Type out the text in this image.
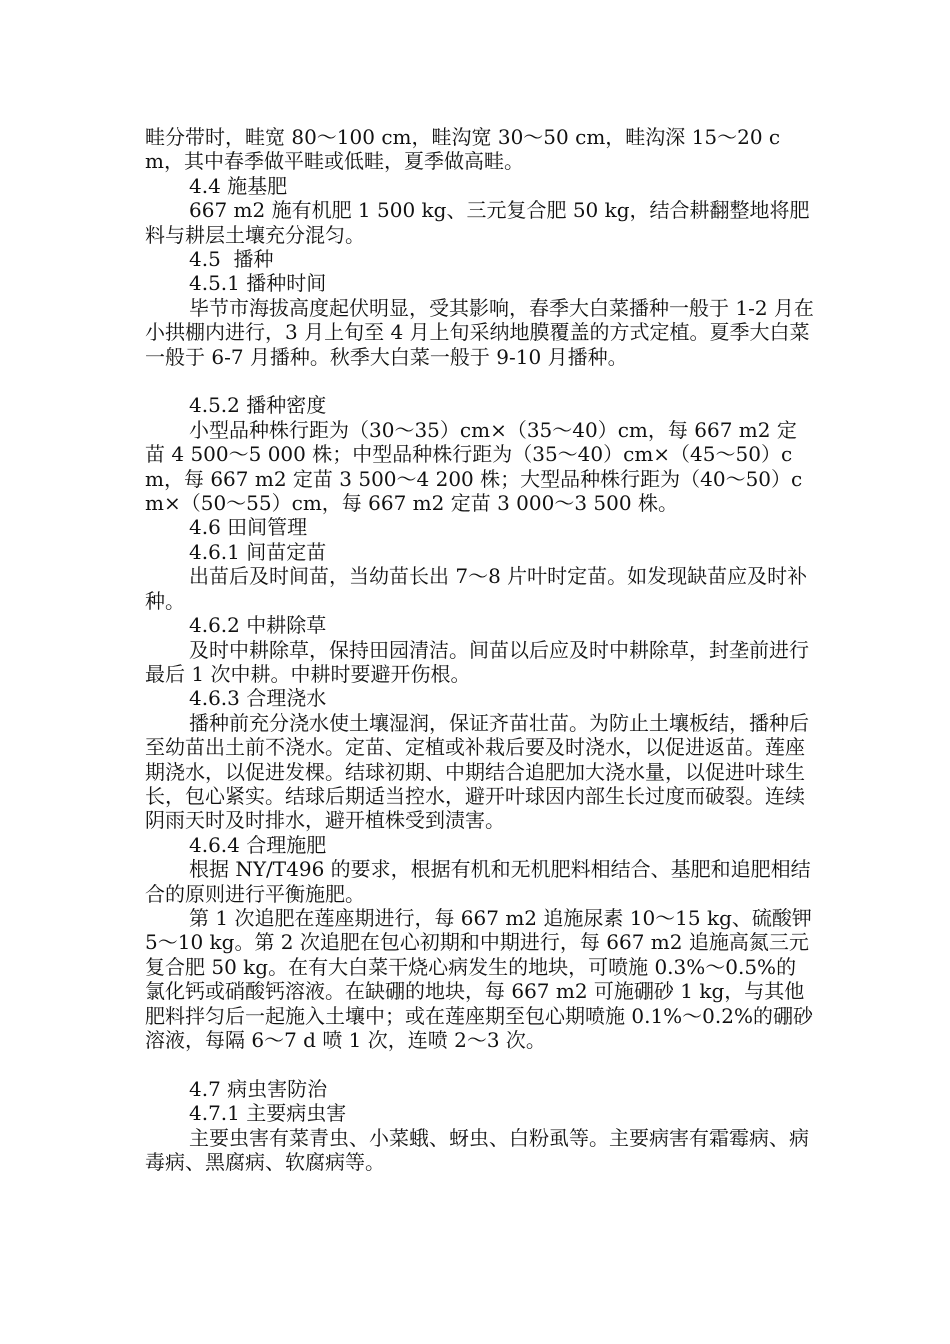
畦分带时，畦宽 80～100 cm，畦沟宽 30～50 cm，畦沟深 15～20 cm，其中春季做平畦或低畦，夏季做高畦。

4.4 施基肥

667 m2 施有机肥 1 500 kg、三元复合肥 50 kg，结合耕翻整地将肥料与耕层土壤充分混匀。

4.5  播种

4.5.1 播种时间

毕节市海拔高度起伏明显，受其影响，春季大白菜播种一般于 1-2 月在小拱棚内进行，3 月上旬至 4 月上旬采纳地膜覆盖的方式定植。夏季大白菜一般于 6-7 月播种。秋季大白菜一般于 9-10 月播种。

4.5.2 播种密度

小型品种株行距为（30～35）cm×（35～40）cm，每 667 m2 定苗 4 500～5 000 株；中型品种株行距为（35～40）cm×（45～50）cm，每 667 m2 定苗 3 500～4 200 株；大型品种株行距为（40～50）cm×（50～55）cm，每 667 m2 定苗 3 000～3 500 株。

4.6 田间管理

4.6.1 间苗定苗

出苗后及时间苗，当幼苗长出 7～8 片叶时定苗。如发现缺苗应及时补种。

4.6.2 中耕除草

及时中耕除草，保持田园清洁。间苗以后应及时中耕除草，封垄前进行最后 1 次中耕。中耕时要避开伤根。

4.6.3 合理浇水

播种前充分浇水使土壤湿润，保证齐苗壮苗。为防止土壤板结，播种后至幼苗出土前不浇水。定苗、定植或补栽后要及时浇水，以促进返苗。莲座期浇水，以促进发棵。结球初期、中期结合追肥加大浇水量，以促进叶球生长，包心紧实。结球后期适当控水，避开叶球因内部生长过度而破裂。连续阴雨天时及时排水，避开植株受到渍害。

4.6.4 合理施肥

根据 NY/T496 的要求，根据有机和无机肥料相结合、基肥和追肥相结合的原则进行平衡施肥。

第 1 次追肥在莲座期进行，每 667 m2 追施尿素 10～15 kg、硫酸钾 5～10 kg。第 2 次追肥在包心初期和中期进行，每 667 m2 追施高氮三元复合肥 50 kg。在有大白菜干烧心病发生的地块，可喷施 0.3%～0.5%的氯化钙或硝酸钙溶液。在缺硼的地块，每 667 m2 可施硼砂 1 kg，与其他肥料拌匀后一起施入土壤中；或在莲座期至包心期喷施 0.1%～0.2%的硼砂溶液，每隔 6～7 d 喷 1 次，连喷 2～3 次。

4.7 病虫害防治

4.7.1 主要病虫害

主要虫害有菜青虫、小菜蛾、蚜虫、白粉虱等。主要病害有霜霉病、病毒病、黑腐病、软腐病等。
